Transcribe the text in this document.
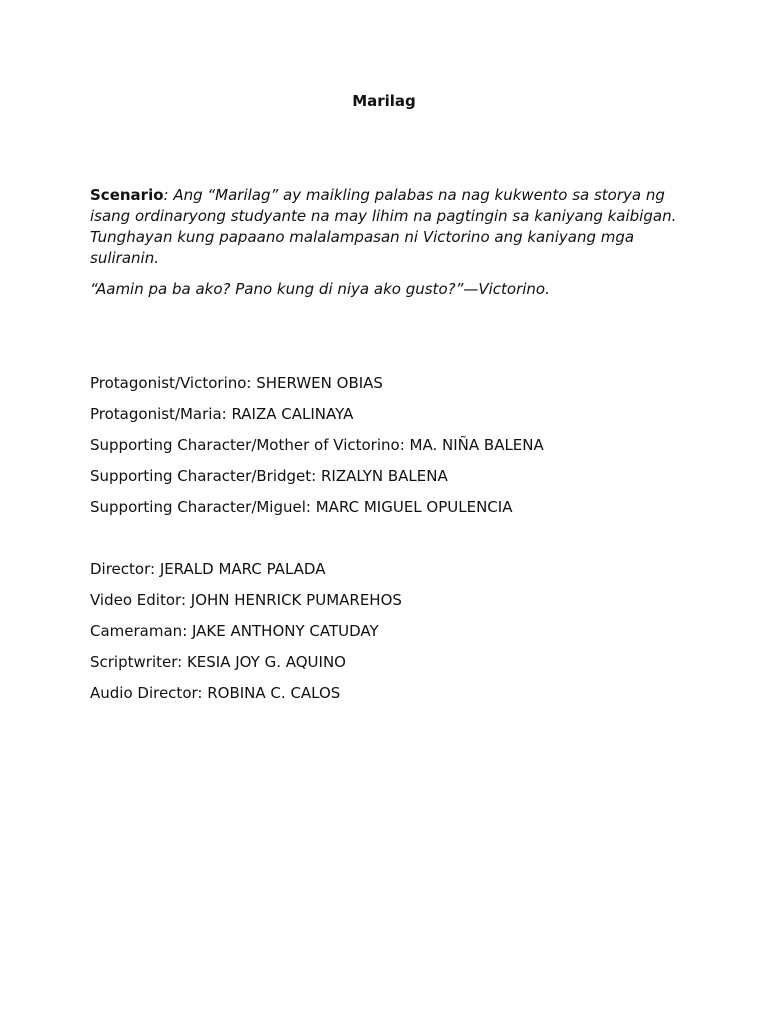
Marilag

Scenario: Ang “Marilag” ay maikling palabas na nag kukwento sa storya ng isang ordinaryong studyante na may lihim na pagtingin sa kaniyang kaibigan. Tunghayan kung papaano malalampasan ni Victorino ang kaniyang mga suliranin.

“Aamin pa ba ako? Pano kung di niya ako gusto?”—Victorino.

Protagonist/Victorino: SHERWEN OBIAS
Protagonist/Maria: RAIZA CALINAYA
Supporting Character/Mother of Victorino: MA. NIÑA BALENA
Supporting Character/Bridget: RIZALYN BALENA
Supporting Character/Miguel: MARC MIGUEL OPULENCIA
Director: JERALD MARC PALADA
Video Editor: JOHN HENRICK PUMAREHOS
Cameraman: JAKE ANTHONY CATUDAY
Scriptwriter: KESIA JOY G. AQUINO
Audio Director: ROBINA C. CALOS
